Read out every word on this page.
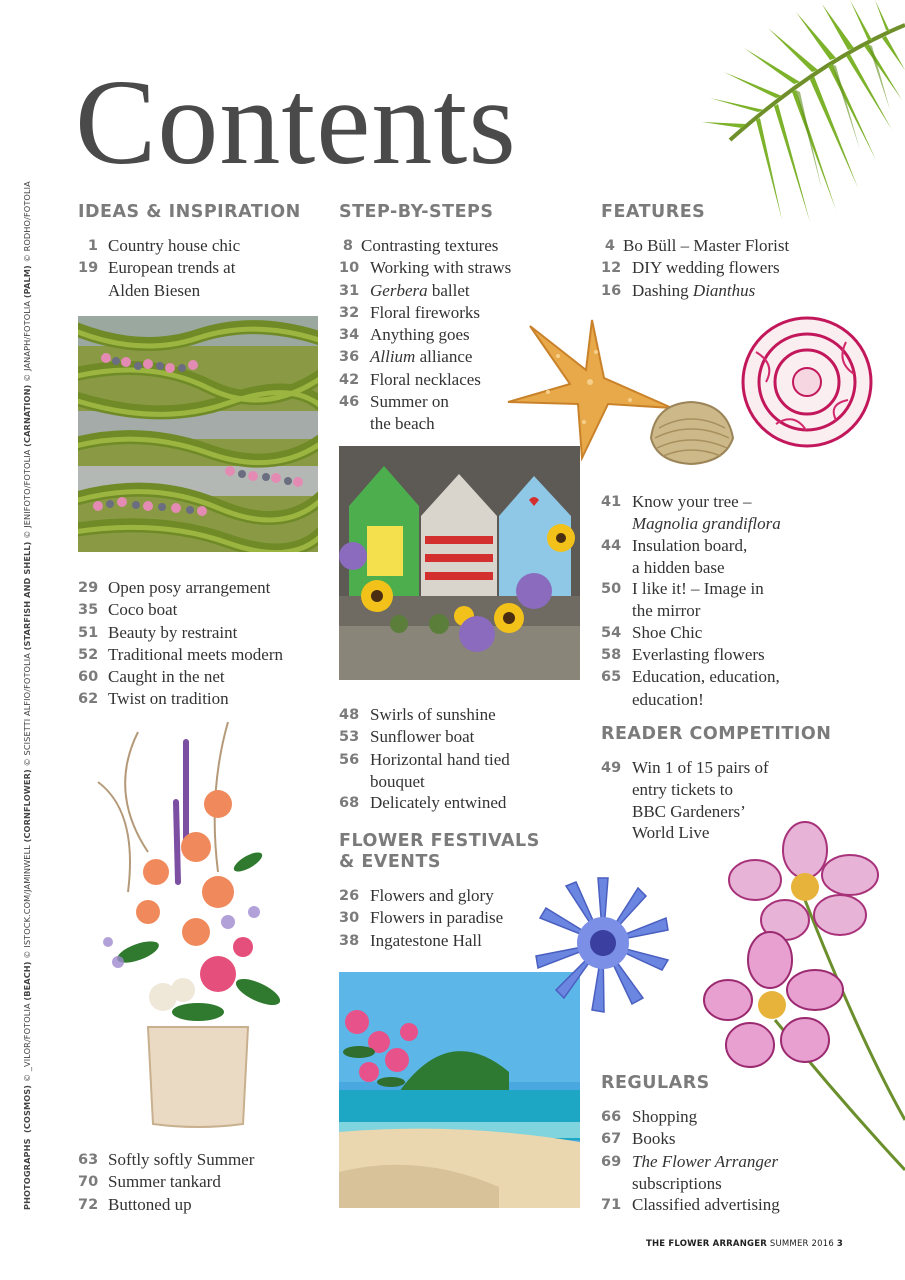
Contents
PHOTOGRAPHS  (COSMOS) © _VILOR/FOTOLIA (BEACH) © ISTOCK.COM/JAMINWELL (CORNFLOWER) © SCISETTI ALFIO/FOTOLIA (STARFISH AND SHELL) © JENIFOTO/FOTOLIA (CARNATION) © JANAPH/FOTOLIA (PALM) © RODHO/FOTOLIA	IDEAS & INSPIRATION
1 Country house chic
19 European trends at
Alden Biesen
29 Open posy arrangement
35 Coco boat
51 Beauty by restraint
52 Traditional meets modern
60 Caught in the net
62 Twist on tradition
63 Softly softly Summer
70 Summer tankard
72 Buttoned up
STEP-BY-STEPS
8 Contrasting textures
10 Working with straws
31 Gerbera ballet
32 Floral fireworks
34 Anything goes
36 Allium alliance
42 Floral necklaces
46 Summer on
the beach
48 Swirls of sunshine
53 Sunflower boat
56 Horizontal hand tied
bouquet
68 Delicately entwined
FLOWER FESTIVALS
& EVENTS
26 Flowers and glory
30 Flowers in paradise
38 Ingatestone Hall
FEATURES
4 Bo Büll – Master Florist
12 DIY wedding flowers
16 Dashing Dianthus
41 Know your tree –
Magnolia grandiflora
44 Insulation board,
a hidden base
50 I like it! – Image in
the mirror
54 Shoe Chic
58 Everlasting flowers
65 Education, education,
education!
READER COMPETITION
49 Win 1 of 15 pairs of
entry tickets to
BBC Gardeners’
World Live
REGULARS
66 Shopping
67 Books
69 The Flower Arranger
subscriptions
71 Classified advertising
THE FLOWER ARRANGER SUMMER 2016 3
